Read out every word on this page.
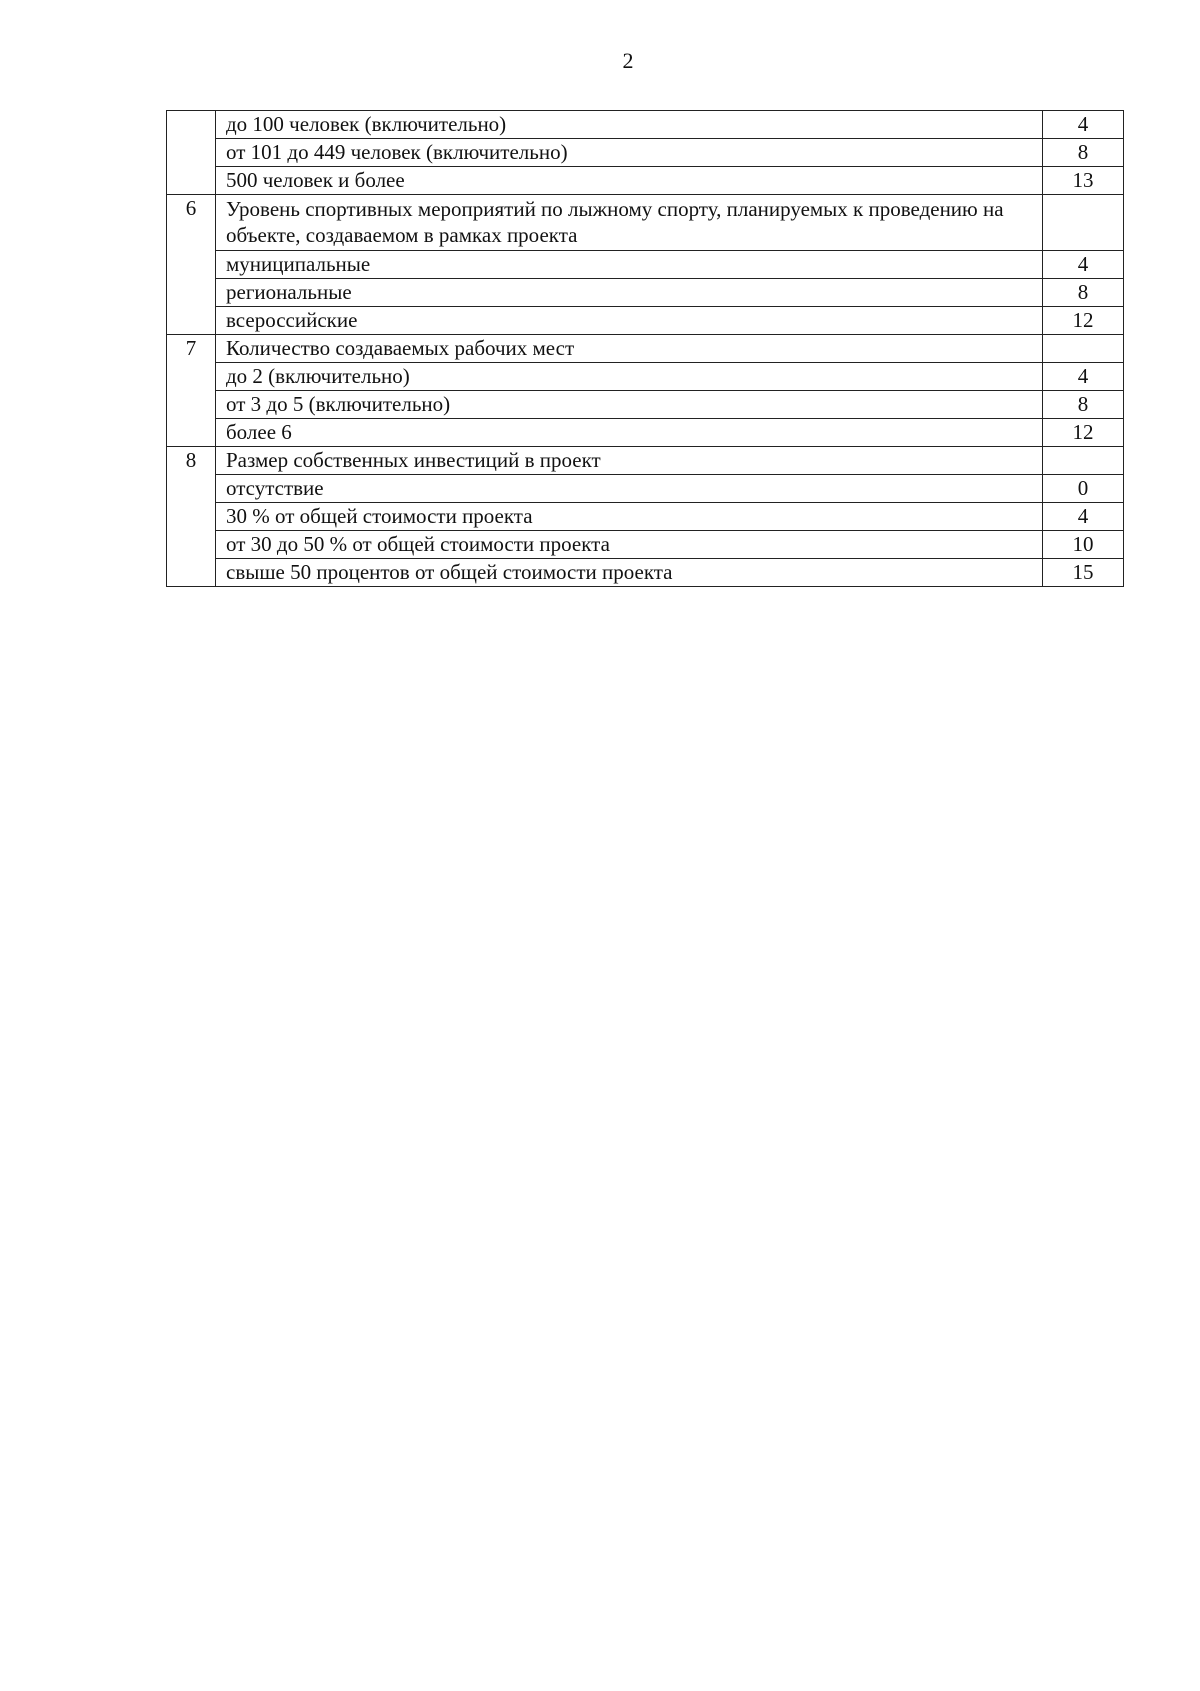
2
	до 100 человек (включительно)	4
	от 101 до 449 человек (включительно)	8
	500 человек и более	13
6	Уровень спортивных мероприятий по лыжному спорту, планируемых к проведению на объекте, создаваемом в рамках проекта	
	муниципальные	4
	региональные	8
	всероссийские	12
7	Количество создаваемых рабочих мест	
	до 2 (включительно)	4
	от 3 до 5 (включительно)	8
	более 6	12
8	Размер собственных инвестиций в проект	
	отсутствие	0
	30 % от общей стоимости проекта	4
	от 30 до 50 % от общей стоимости проекта	10
	свыше 50 процентов от общей стоимости проекта	15
